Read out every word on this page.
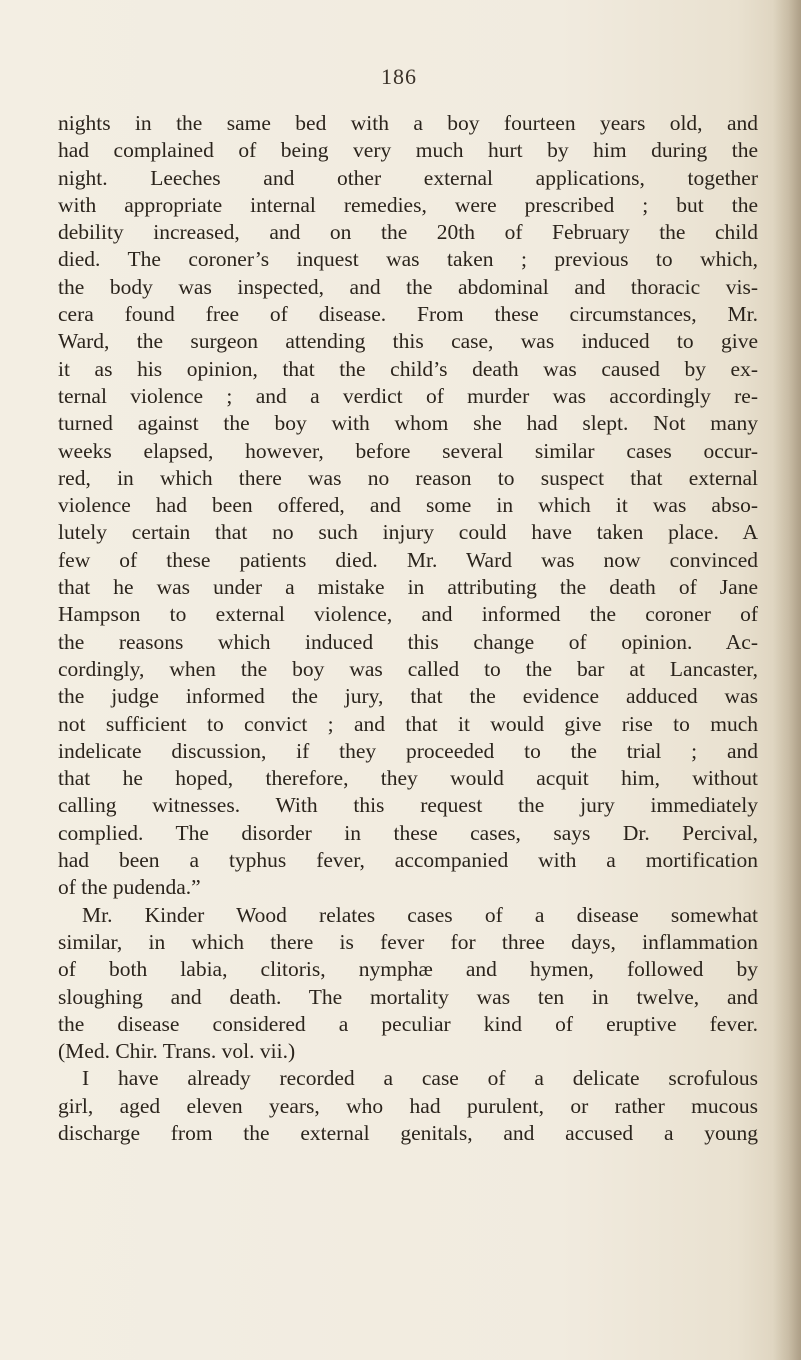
186
nights in the same bed with a boy fourteen years old, and
had complained of being very much hurt by him during the
night. Leeches and other external applications, together
with appropriate internal remedies, were prescribed ; but the
debility increased, and on the 20th of February the child
died. The coroner’s inquest was taken ; previous to which,
the body was inspected, and the abdominal and thoracic vis-
cera found free of disease. From these circumstances, Mr.
Ward, the surgeon attending this case, was induced to give
it as his opinion, that the child’s death was caused by ex-
ternal violence ; and a verdict of murder was accordingly re-
turned against the boy with whom she had slept. Not many
weeks elapsed, however, before several similar cases occur-
red, in which there was no reason to suspect that external
violence had been offered, and some in which it was abso-
lutely certain that no such injury could have taken place. A
few of these patients died. Mr. Ward was now convinced
that he was under a mistake in attributing the death of Jane
Hampson to external violence, and informed the coroner of
the reasons which induced this change of opinion. Ac-
cordingly, when the boy was called to the bar at Lancaster,
the judge informed the jury, that the evidence adduced was
not sufficient to convict ; and that it would give rise to much
indelicate discussion, if they proceeded to the trial ; and
that he hoped, therefore, they would acquit him, without
calling witnesses. With this request the jury immediately
complied. The disorder in these cases, says Dr. Percival,
had been a typhus fever, accompanied with a mortification
of the pudenda.”
Mr. Kinder Wood relates cases of a disease somewhat
similar, in which there is fever for three days, inflammation
of both labia, clitoris, nymphæ and hymen, followed by
sloughing and death. The mortality was ten in twelve, and
the disease considered a peculiar kind of eruptive fever.
(Med. Chir. Trans. vol. vii.)
I have already recorded a case of a delicate scrofulous
girl, aged eleven years, who had purulent, or rather mucous
discharge from the external genitals, and accused a young
